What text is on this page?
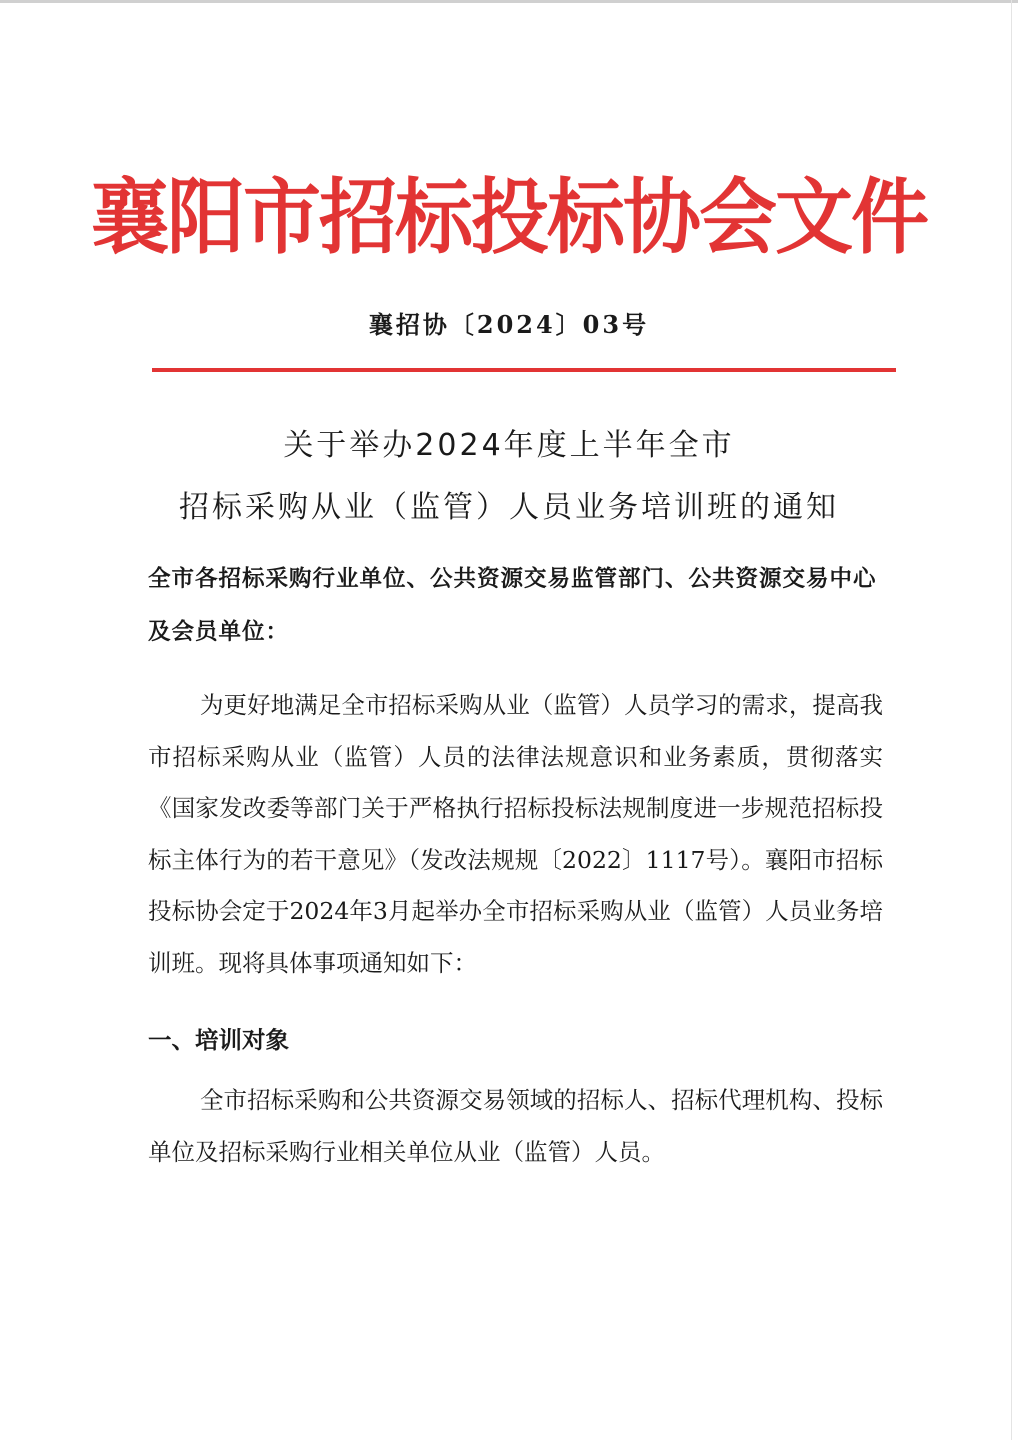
襄阳市招标投标协会文件
襄招协〔2024〕03号
关于举办2024年度上半年全市
招标采购从业（监管）人员业务培训班的通知
全市各招标采购行业单位、公共资源交易监管部门、公共资源交易中心及会员单位：
为更好地满足全市招标采购从业（监管）人员学习的需求，提高我市招标采购从业（监管）人员的法律法规意识和业务素质，贯彻落实《国家发改委等部门关于严格执行招标投标法规制度进一步规范招标投标主体行为的若干意见》（发改法规规〔2022〕1117号）。襄阳市招标投标协会定于2024年3月起举办全市招标采购从业（监管）人员业务培训班。现将具体事项通知如下：
一、培训对象
全市招标采购和公共资源交易领域的招标人、招标代理机构、投标单位及招标采购行业相关单位从业（监管）人员。
